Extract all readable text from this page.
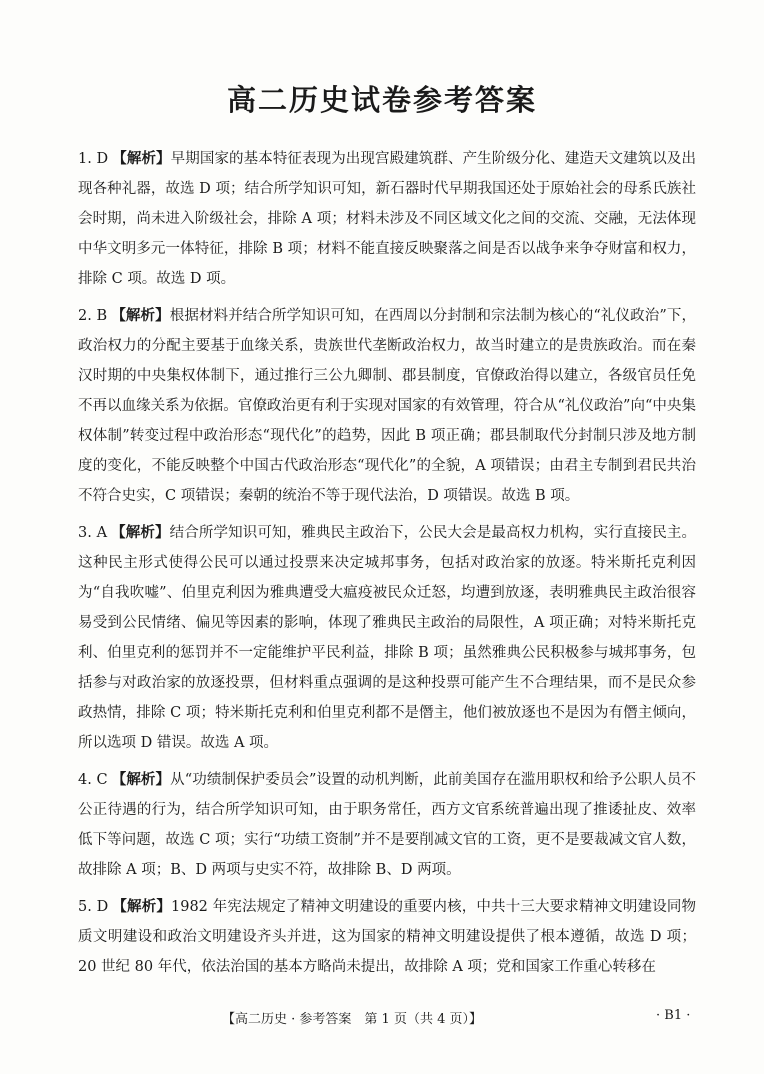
高二历史试卷参考答案

1. D 【解析】早期国家的基本特征表现为出现宫殿建筑群、产生阶级分化、建造天文建筑以及出现各种礼器，故选 D 项；结合所学知识可知，新石器时代早期我国还处于原始社会的母系氏族社会时期，尚未进入阶级社会，排除 A 项；材料未涉及不同区域文化之间的交流、交融，无法体现中华文明多元一体特征，排除 B 项；材料不能直接反映聚落之间是否以战争来争夺财富和权力，排除 C 项。故选 D 项。

2. B 【解析】根据材料并结合所学知识可知，在西周以分封制和宗法制为核心的“礼仪政治”下，政治权力的分配主要基于血缘关系，贵族世代垄断政治权力，故当时建立的是贵族政治。而在秦汉时期的中央集权体制下，通过推行三公九卿制、郡县制度，官僚政治得以建立，各级官员任免不再以血缘关系为依据。官僚政治更有利于实现对国家的有效管理，符合从“礼仪政治”向“中央集权体制”转变过程中政治形态“现代化”的趋势，因此 B 项正确；郡县制取代分封制只涉及地方制度的变化，不能反映整个中国古代政治形态“现代化”的全貌，A 项错误；由君主专制到君民共治不符合史实，C 项错误；秦朝的统治不等于现代法治，D 项错误。故选 B 项。

3. A 【解析】结合所学知识可知，雅典民主政治下，公民大会是最高权力机构，实行直接民主。这种民主形式使得公民可以通过投票来决定城邦事务，包括对政治家的放逐。特米斯托克利因为“自我吹嘘”、伯里克利因为雅典遭受大瘟疫被民众迁怒，均遭到放逐，表明雅典民主政治很容易受到公民情绪、偏见等因素的影响，体现了雅典民主政治的局限性，A 项正确；对特米斯托克利、伯里克利的惩罚并不一定能维护平民利益，排除 B 项；虽然雅典公民积极参与城邦事务，包括参与对政治家的放逐投票，但材料重点强调的是这种投票可能产生不合理结果，而不是民众参政热情，排除 C 项；特米斯托克利和伯里克利都不是僭主，他们被放逐也不是因为有僭主倾向，所以选项 D 错误。故选 A 项。

4. C 【解析】从“功绩制保护委员会”设置的动机判断，此前美国存在滥用职权和给予公职人员不公正待遇的行为，结合所学知识可知，由于职务常任，西方文官系统普遍出现了推诿扯皮、效率低下等问题，故选 C 项；实行“功绩工资制”并不是要削减文官的工资，更不是要裁减文官人数，故排除 A 项；B、D 两项与史实不符，故排除 B、D 两项。

5. D 【解析】1982 年宪法规定了精神文明建设的重要内核，中共十三大要求精神文明建设同物质文明建设和政治文明建设齐头并进，这为国家的精神文明建设提供了根本遵循，故选 D 项；20 世纪 80 年代，依法治国的基本方略尚未提出，故排除 A 项；党和国家工作重心转移在

【高二历史 · 参考答案　第 1 页（共 4 页）】	· B1 ·
